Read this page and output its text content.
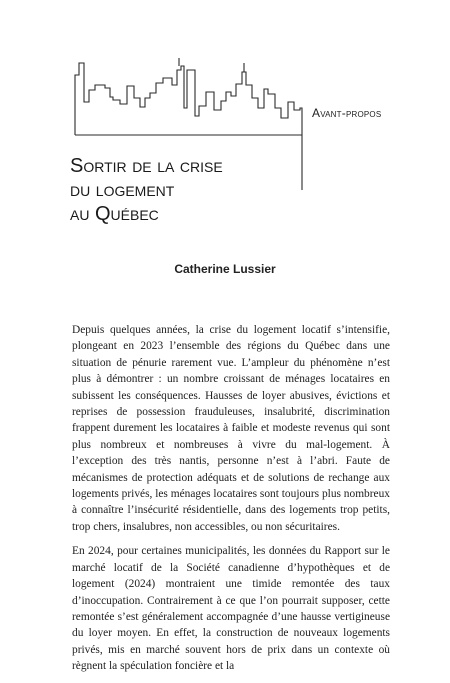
Avant-propos
Sortir de la crise
du logement
au Québec
Catherine Lussier

Depuis quelques années, la crise du logement locatif s’intensifie, plongeant en 2023 l’ensemble des régions du Québec dans une situation de pénurie rarement vue. L’ampleur du phénomène n’est plus à démontrer : un nombre croissant de ménages locataires en subissent les conséquences. Hausses de loyer abusives, évictions et reprises de possession frauduleuses, insalubrité, discrimination frappent durement les locataires à faible et modeste revenus qui sont plus nombreux et nombreuses à vivre du mal-logement. À l’exception des très nantis, personne n’est à l’abri. Faute de mécanismes de protection adéquats et de solutions de rechange aux logements privés, les ménages locataires sont toujours plus nombreux à connaître l’insécurité résidentielle, dans des logements trop petits, trop chers, insalubres, non accessibles, ou non sécuritaires.

En 2024, pour certaines municipalités, les données du Rapport sur le marché locatif de la Société canadienne d’hypothèques et de logement (2024) montraient une timide remontée des taux d’inoccupation. Contrairement à ce que l’on pourrait supposer, cette remontée s’est généralement accompagnée d’une hausse vertigineuse du loyer moyen. En effet, la construction de nouveaux logements privés, mis en marché souvent hors de prix dans un contexte où règnent la spéculation foncière et la
